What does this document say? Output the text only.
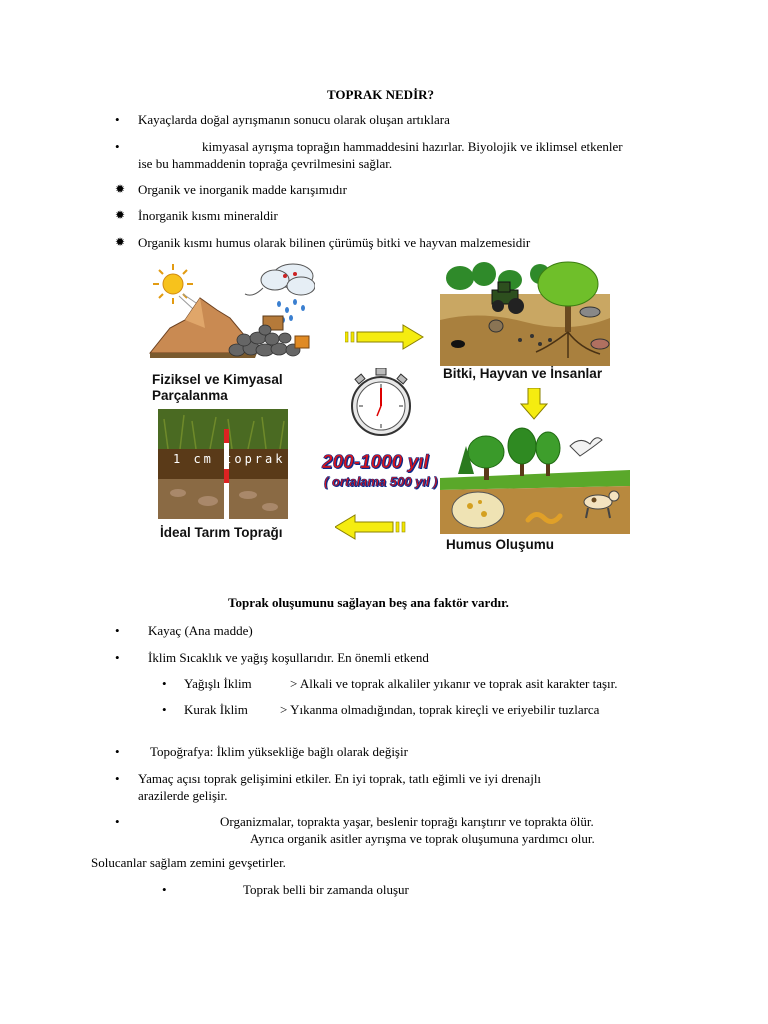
TOPRAK NEDİR?
• Kayaçlarda doğal ayrışmanın sonucu olarak oluşan artıklara
•	kimyasal ayrışma toprağın hammaddesini hazırlar. Biyolojik ve iklimsel etkenler
ise bu hammaddenin toprağa çevrilmesini sağlar.
✹ Organik ve inorganik madde karışımıdır
✹ İnorganik kısmı mineraldir
✹ Organik kısmı humus olarak bilinen çürümüş bitki ve hayvan malzemesidir
Fiziksel ve Kimyasal
Parçalanma
Bitki, Hayvan ve İnsanlar
1 cm toprak
İdeal Tarım Toprağı
200-1000 yıl
( ortalama 500 yıl )
Humus Oluşumu
Toprak oluşumunu sağlayan beş ana faktör vardır.
• Kayaç (Ana madde)
• İklim Sıcaklık ve yağış koşullarıdır. En önemli etkend
• Yağışlı İklim	> Alkali ve toprak alkaliler yıkanır ve toprak asit karakter taşır.
• Kurak İklim > Yıkanma olmadığından, toprak kireçli ve eriyebilir tuzlarca
• Topoğrafya: İklim yüksekliğe bağlı olarak değişir
• Yamaç açısı toprak gelişimini etkiler. En iyi toprak, tatlı eğimli ve iyi drenajlı
arazilerde gelişir.
•	Organizmalar, toprakta yaşar, beslenir toprağı karıştırır ve toprakta ölür.
Ayrıca organik asitler ayrışma ve toprak oluşumuna yardımcı olur.
Solucanlar sağlam zemini gevşetirler.
•	Toprak belli bir zamanda oluşur
